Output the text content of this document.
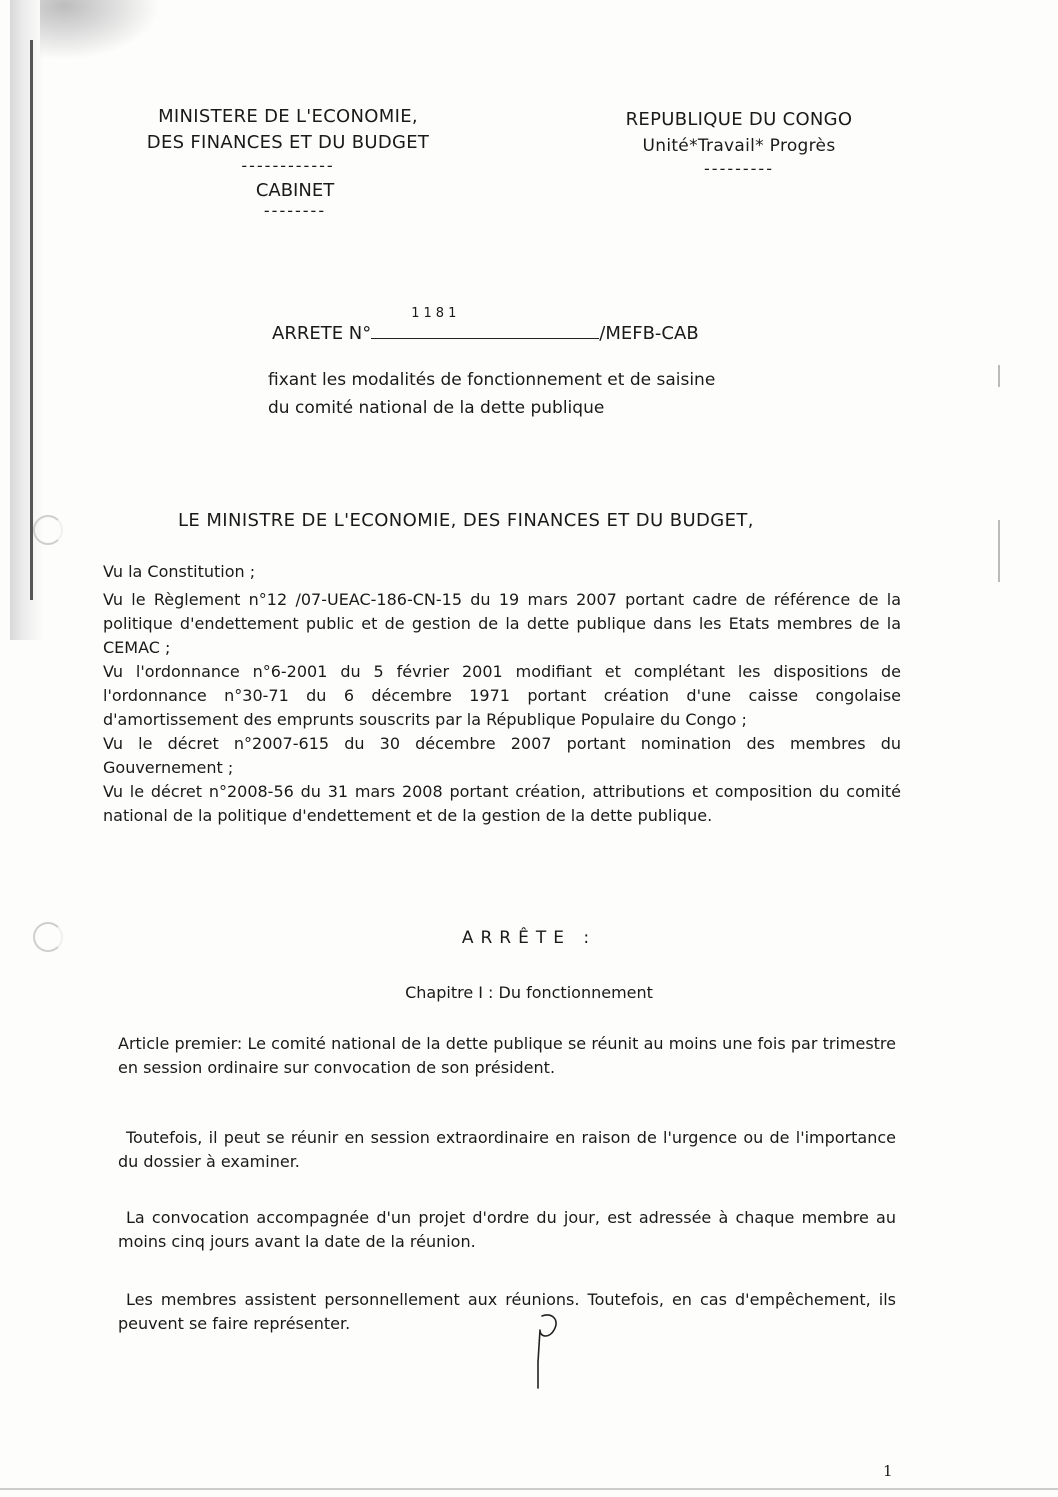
MINISTERE DE L'ECONOMIE,
DES FINANCES ET DU BUDGET
------------
CABINET
--------
REPUBLIQUE DU CONGO
Unité*Travail* Progrès
---------
ARRETE N°
1181
/MEFB-CAB
fixant les modalités de fonctionnement et de saisine
du comité national de la dette publique
LE MINISTRE DE L'ECONOMIE, DES FINANCES ET DU BUDGET,

Vu la Constitution ;

Vu le Règlement n°12 /07-UEAC-186-CN-15 du 19 mars 2007 portant cadre de référence de la politique d'endettement public et de gestion de la dette publique dans les Etats membres de la CEMAC ;

Vu l'ordonnance n°6-2001 du 5 février 2001 modifiant et complétant les dispositions de l'ordonnance n°30-71 du 6 décembre 1971 portant création d'une caisse congolaise d'amortissement des emprunts souscrits par la République Populaire du Congo ;

Vu le décret n°2007-615 du 30 décembre 2007 portant nomination des membres du Gouvernement ;

Vu le décret n°2008-56 du 31 mars 2008 portant création, attributions et composition du comité national de la politique d'endettement et de la gestion de la dette publique.

ARRÊTE :
Chapitre I : Du fonctionnement

Article premier: Le comité national de la dette publique se réunit au moins une fois par trimestre en session ordinaire sur convocation de son président.

Toutefois, il peut se réunir en session extraordinaire en raison de l'urgence ou de l'importance du dossier à examiner.

La convocation accompagnée d'un projet d'ordre du jour, est adressée à chaque membre au moins cinq jours avant la date de la réunion.

Les membres assistent personnellement aux réunions. Toutefois, en cas d'empêchement, ils peuvent se faire représenter.

1
